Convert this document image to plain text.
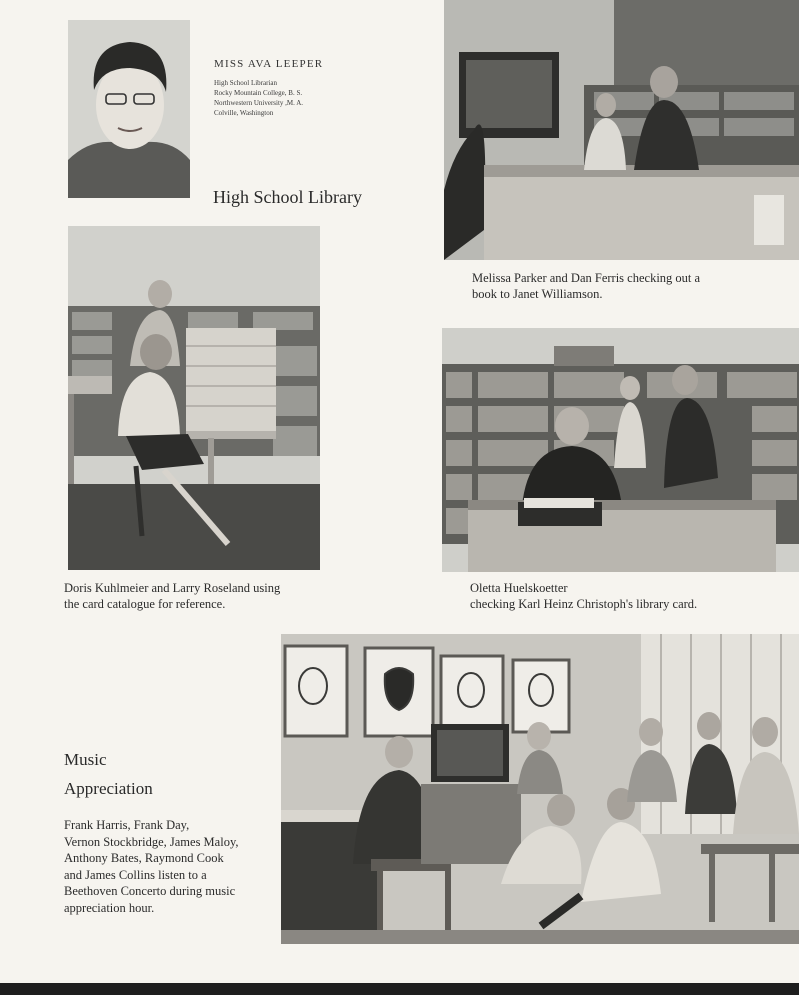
MISS AVA LEEPER
High School Librarian
Rocky Mountain College, B. S.
Northwestern University ,M. A.
Colville, Washington
High School Library
Melissa Parker and Dan Ferris checking out a
book to Janet Williamson.
Doris Kuhlmeier and Larry Roseland using
the card catalogue for reference.
Oletta Huelskoetter
checking Karl Heinz Christoph's library card.
Music
Appreciation
Frank Harris, Frank Day,
Vernon Stockbridge, James Maloy,
Anthony Bates, Raymond Cook
and James Collins listen to a
Beethoven Concerto during music
appreciation hour.
